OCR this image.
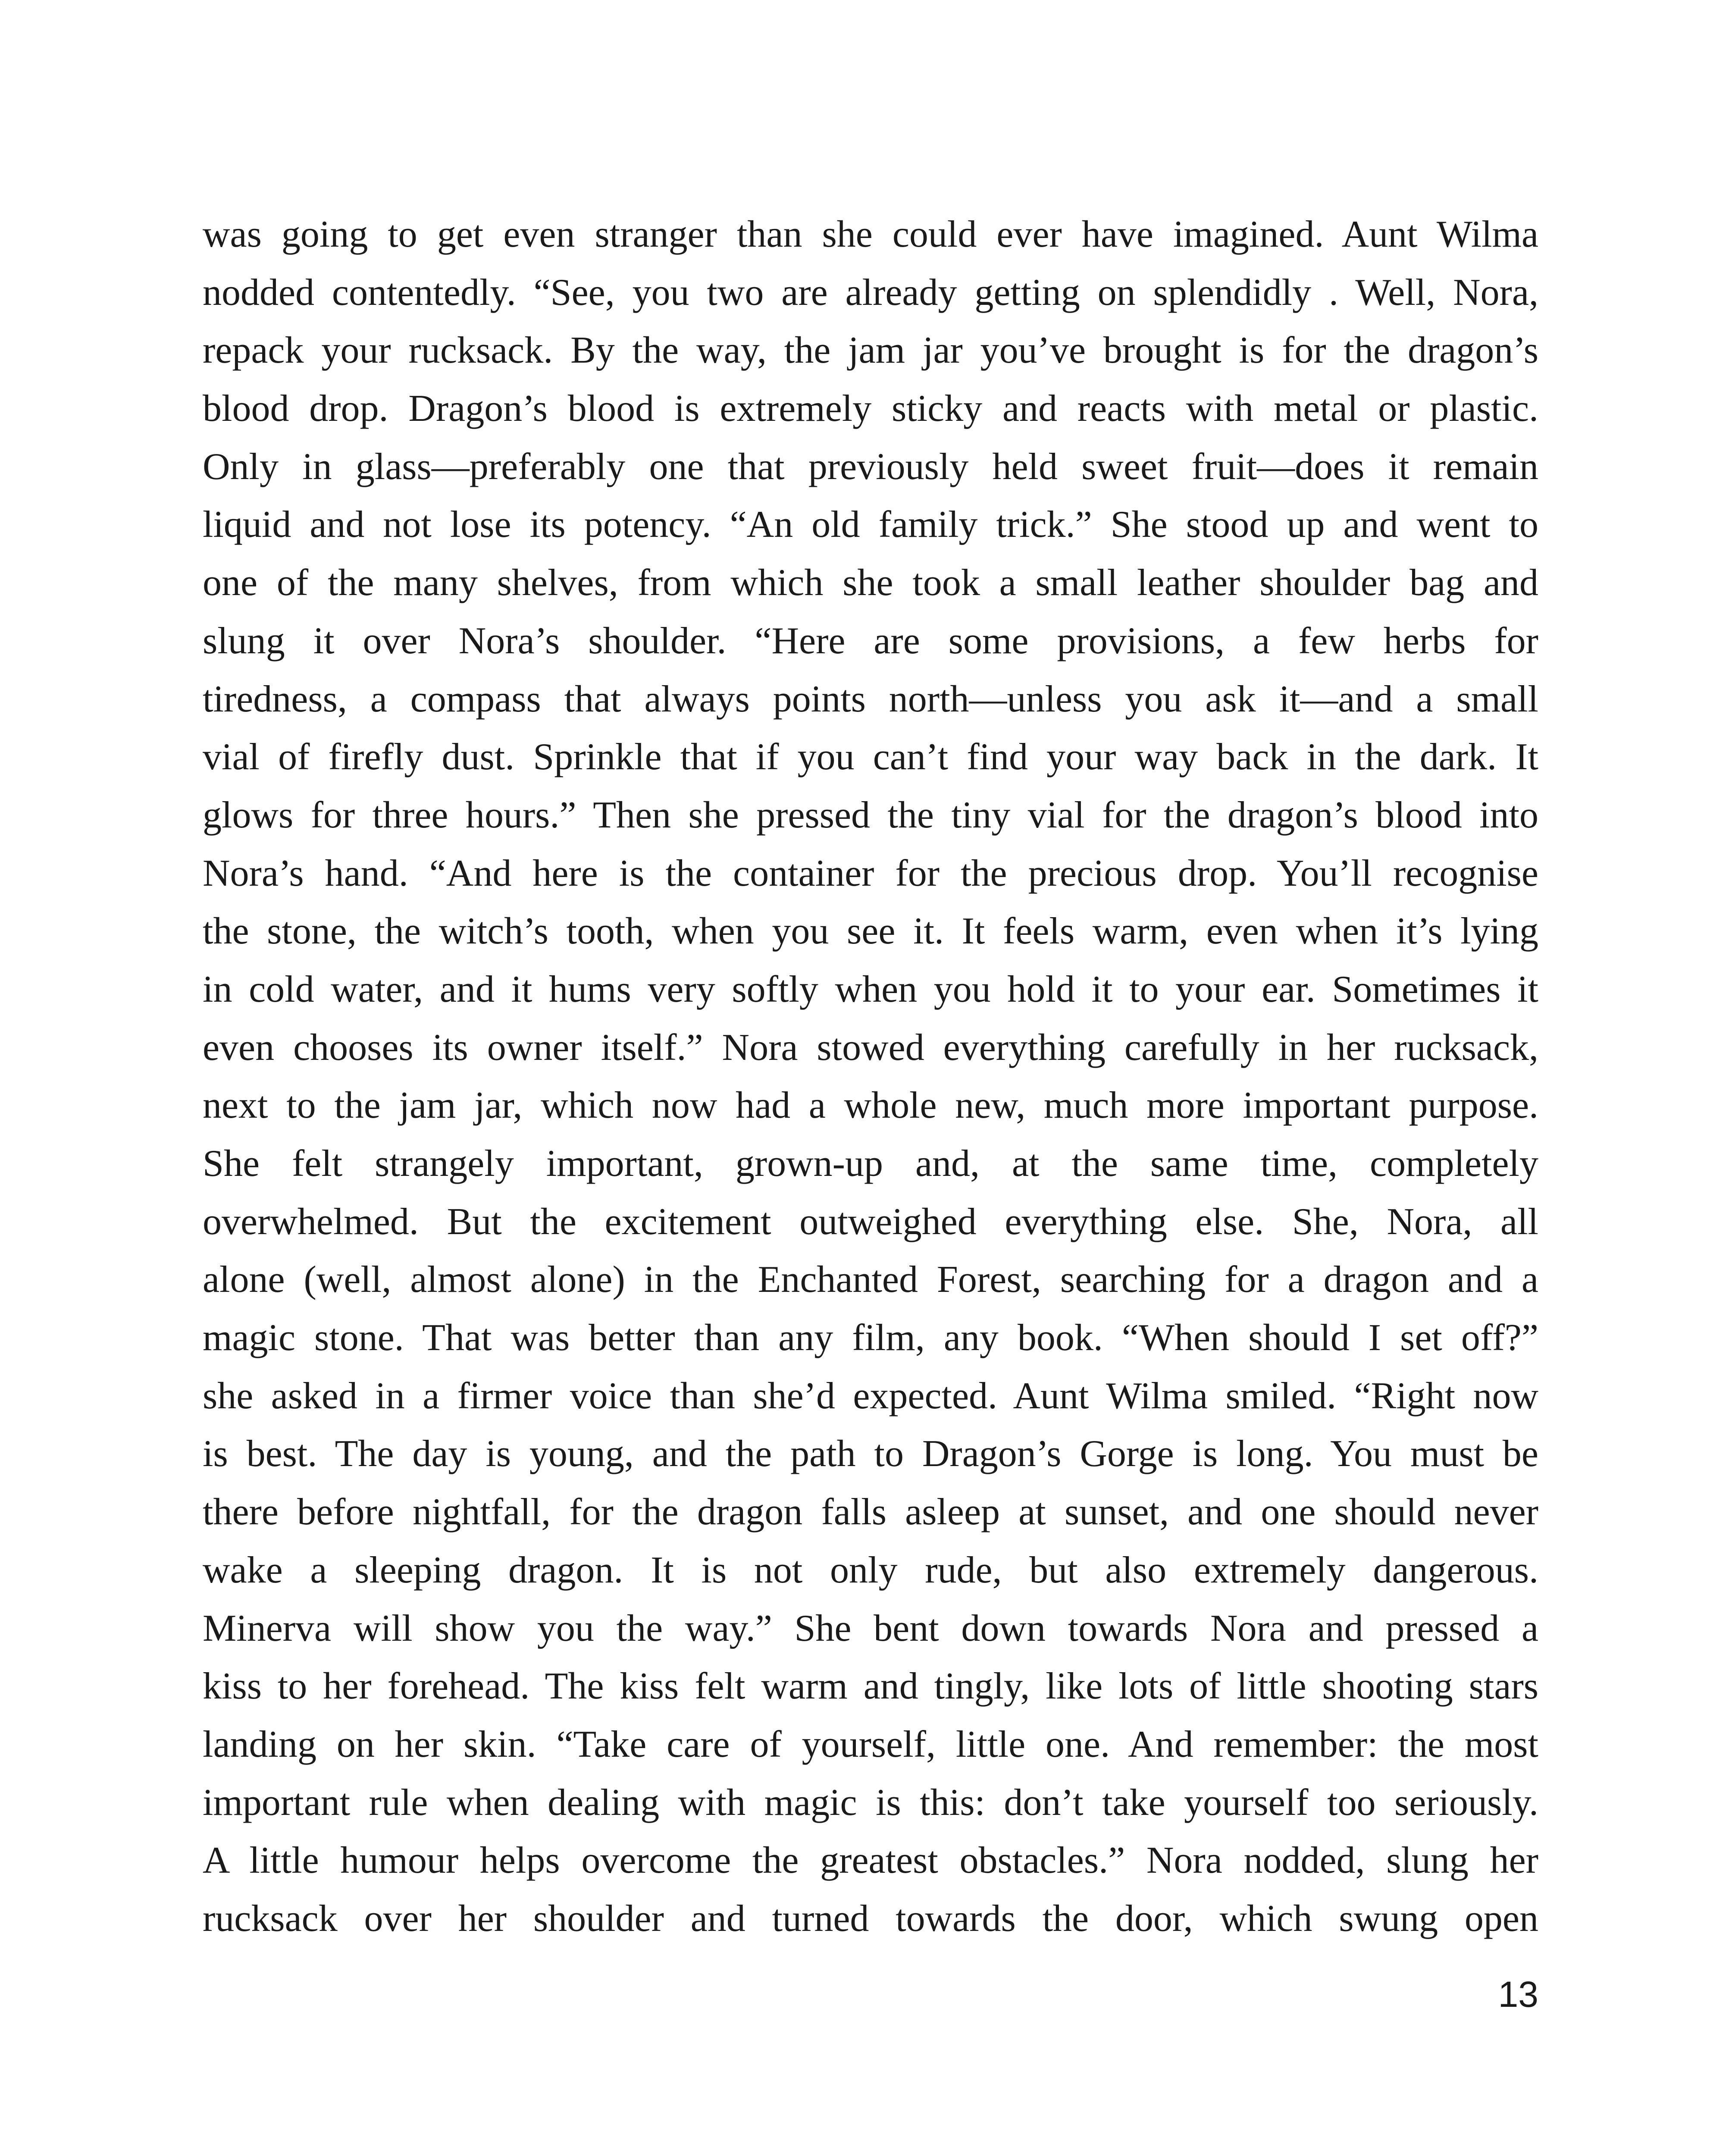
was going to get even stranger than she could ever have imagined. Aunt Wilma
nodded contentedly. “See, you two are already getting on splendidly . Well, Nora,
repack your rucksack. By the way, the jam jar you’ve brought is for the dragon’s
blood drop. Dragon’s blood is extremely sticky and reacts with metal or plastic.
Only in glass—preferably one that previously held sweet fruit—does it remain
liquid and not lose its potency. “An old family trick.” She stood up and went to
one of the many shelves, from which she took a small leather shoulder bag and
slung it over Nora’s shoulder. “Here are some provisions, a few herbs for
tiredness, a compass that always points north—unless you ask it—and a small
vial of firefly dust. Sprinkle that if you can’t find your way back in the dark. It
glows for three hours.” Then she pressed the tiny vial for the dragon’s blood into
Nora’s hand. “And here is the container for the precious drop. You’ll recognise
the stone, the witch’s tooth, when you see it. It feels warm, even when it’s lying
in cold water, and it hums very softly when you hold it to your ear. Sometimes it
even chooses its owner itself.” Nora stowed everything carefully in her rucksack,
next to the jam jar, which now had a whole new, much more important purpose.
She felt strangely important, grown-up and, at the same time, completely
overwhelmed. But the excitement outweighed everything else. She, Nora, all
alone (well, almost alone) in the Enchanted Forest, searching for a dragon and a
magic stone. That was better than any film, any book. “When should I set off?”
she asked in a firmer voice than she’d expected. Aunt Wilma smiled. “Right now
is best. The day is young, and the path to Dragon’s Gorge is long. You must be
there before nightfall, for the dragon falls asleep at sunset, and one should never
wake a sleeping dragon. It is not only rude, but also extremely dangerous.
Minerva will show you the way.” She bent down towards Nora and pressed a
kiss to her forehead. The kiss felt warm and tingly, like lots of little shooting stars
landing on her skin. “Take care of yourself, little one. And remember: the most
important rule when dealing with magic is this: don’t take yourself too seriously.
A little humour helps overcome the greatest obstacles.” Nora nodded, slung her
rucksack over her shoulder and turned towards the door, which swung open
13
